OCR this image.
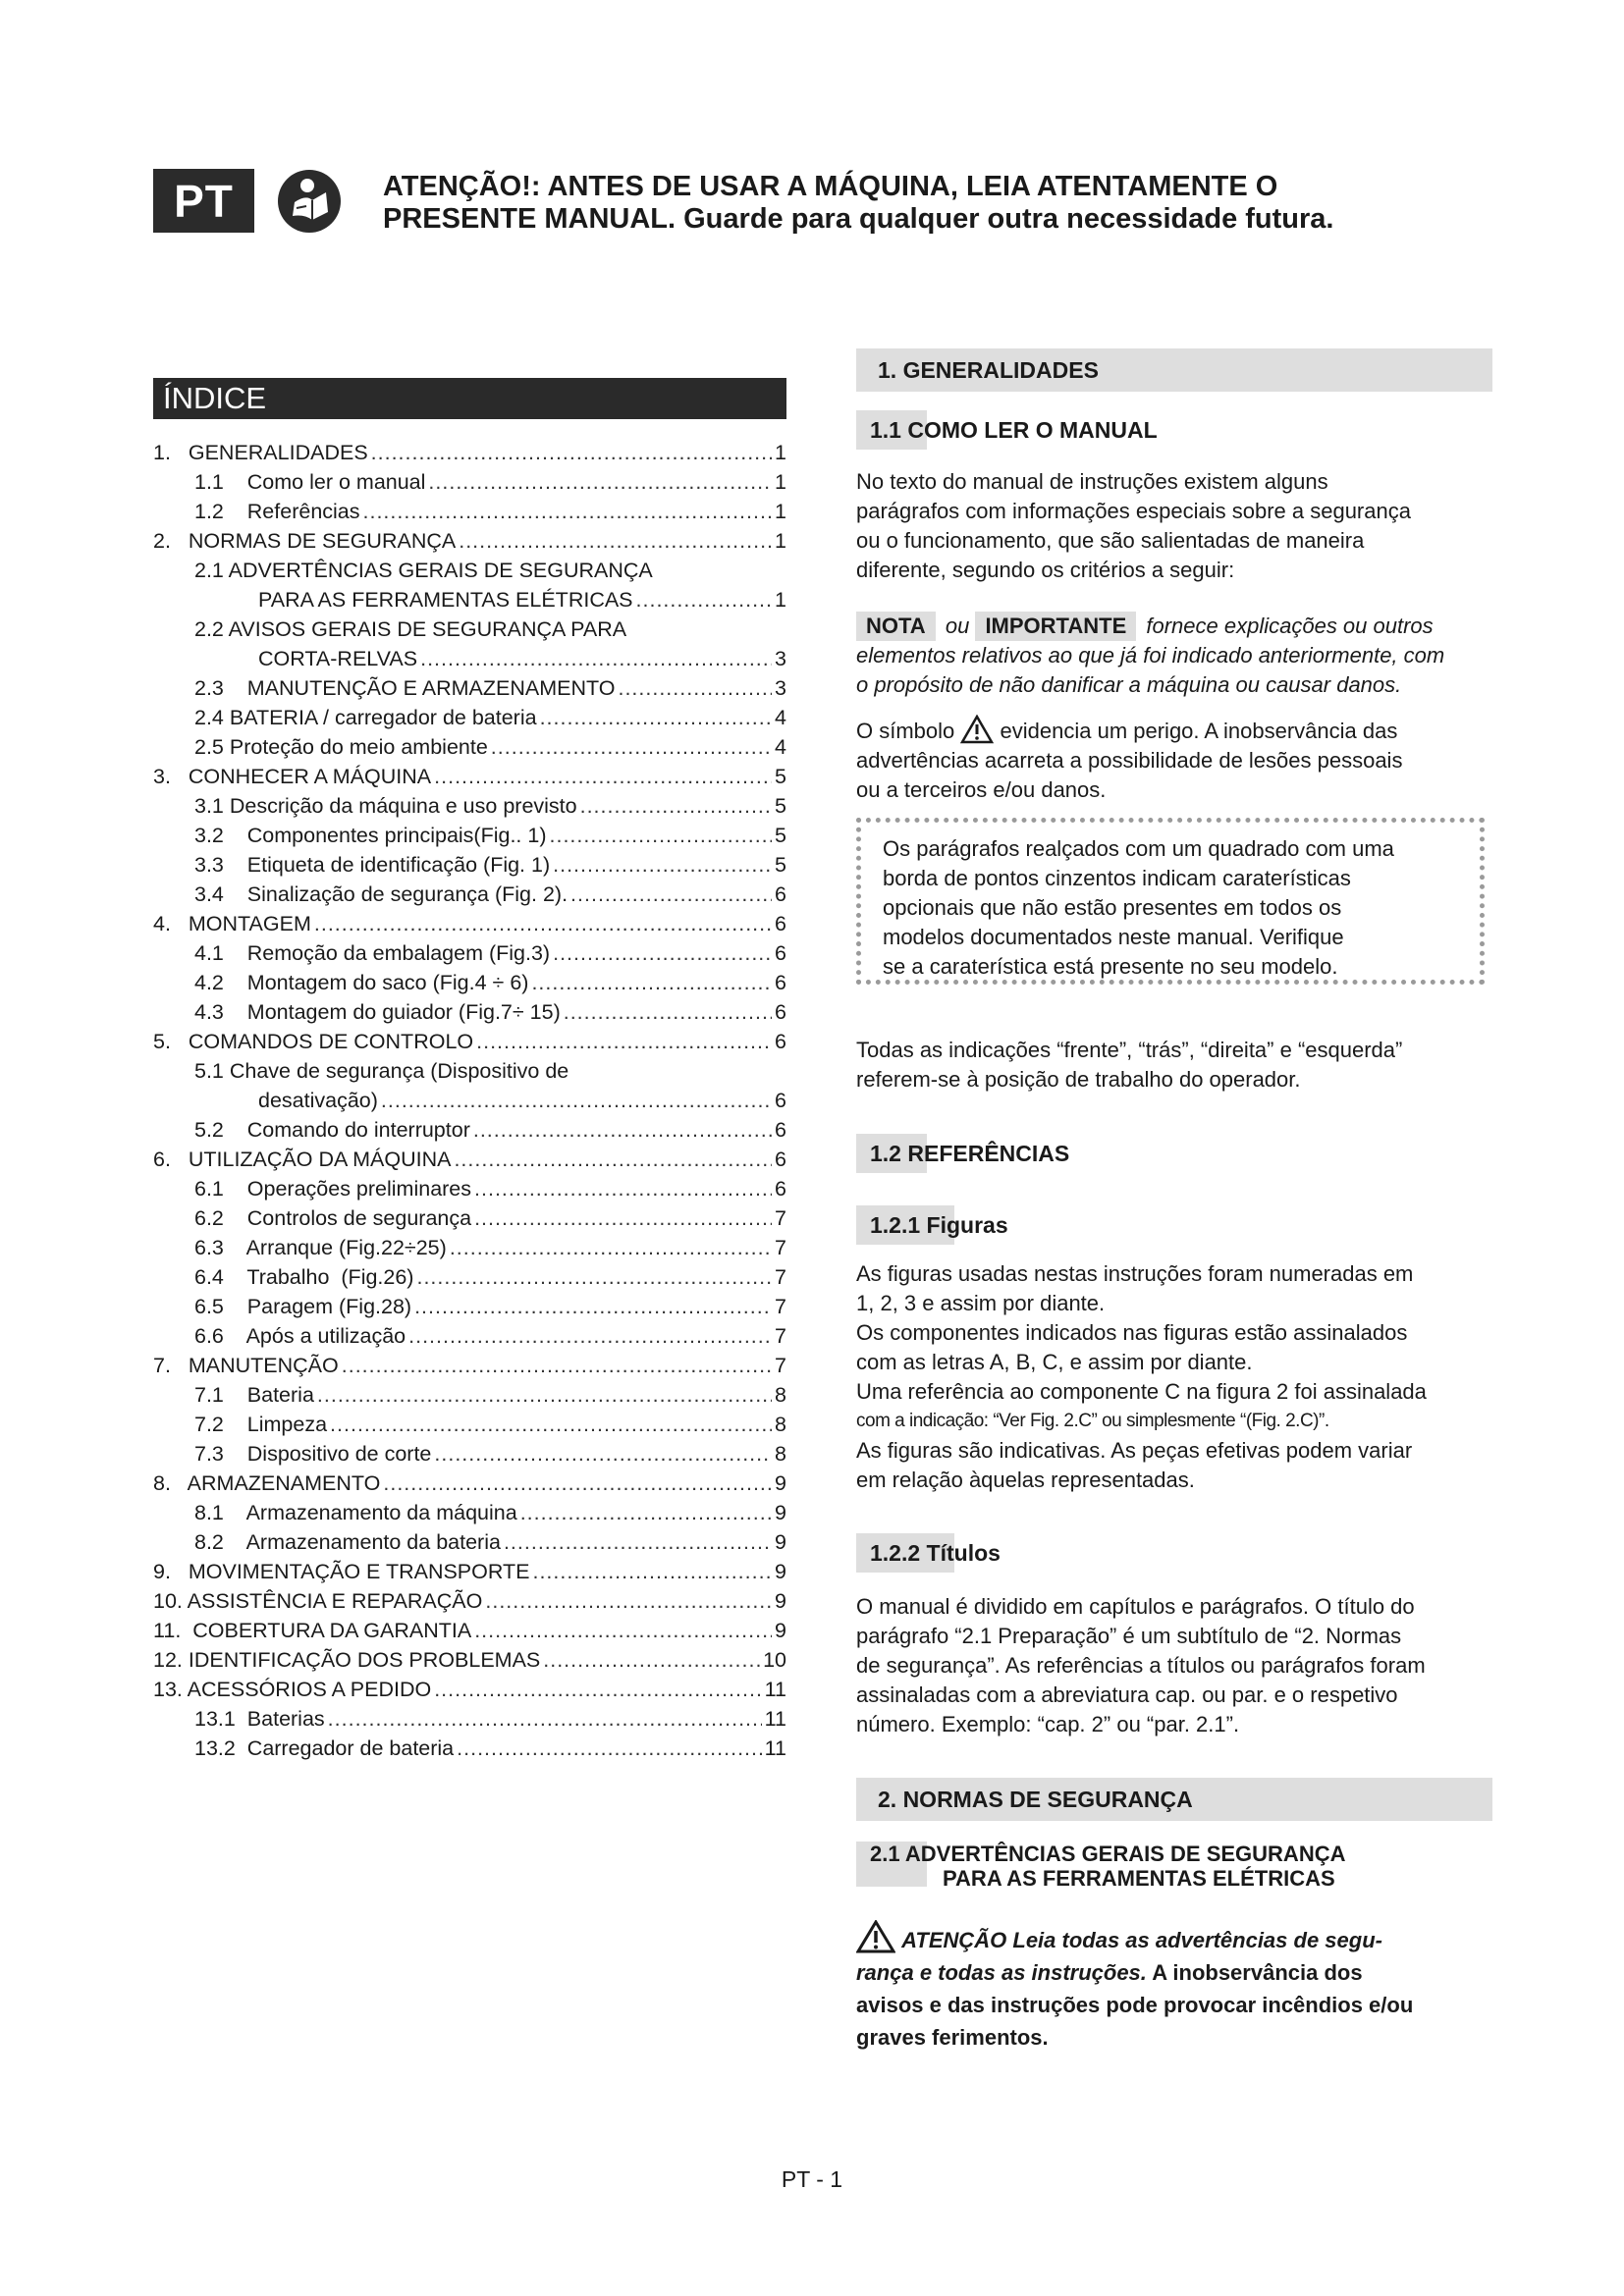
PT	ATENÇÃO!: ANTES DE USAR A MÁQUINA, LEIA ATENTAMENTE O
PRESENTE MANUAL. Guarde para qualquer outra necessidade futura.
ÍNDICE
1.   GENERALIDADES .....	1
1.1    Como ler o manual .....	1
1.2    Referências .....	1
2.   NORMAS DE SEGURANÇA .....	1
2.1 ADVERTÊNCIAS GERAIS DE SEGURANÇA
PARA AS FERRAMENTAS ELÉTRICAS .....	1
2.2 AVISOS GERAIS DE SEGURANÇA PARA
CORTA-RELVAS .....	3
2.3    MANUTENÇÃO E ARMAZENAMENTO .....	3
2.4 BATERIA / carregador de bateria .....	4
2.5 Proteção do meio ambiente .....	4
3.   CONHECER A MÁQUINA .....	5
3.1 Descrição da máquina e uso previsto .....	5
3.2    Componentes principais(Fig.. 1) .....	5
3.3    Etiqueta de identificação (Fig. 1) .....	5
3.4    Sinalização de segurança (Fig. 2). .....	6
4.   MONTAGEM .....	6
4.1    Remoção da embalagem (Fig.3) .....	6
4.2    Montagem do saco (Fig.4 ÷ 6) .....	6
4.3    Montagem do guiador (Fig.7÷ 15) .....	6
5.   COMANDOS DE CONTROLO .....	6
5.1 Chave de segurança (Dispositivo de
desativação) .....	6
5.2    Comando do interruptor .....	6
6.   UTILIZAÇÃO DA MÁQUINA .....	6
6.1    Operações preliminares .....	6
6.2    Controlos de segurança .....	7
6.3    Arranque (Fig.22÷25) .....	7
6.4    Trabalho  (Fig.26) .....	7
6.5    Paragem (Fig.28) .....	7
6.6    Após a utilização .....	7
7.   MANUTENÇÃO .....	7
7.1    Bateria .....	8
7.2    Limpeza .....	8
7.3    Dispositivo de corte .....	8
8.   ARMAZENAMENTO .....	9
8.1    Armazenamento da máquina .....	9
8.2    Armazenamento da bateria .....	9
9.   MOVIMENTAÇÃO E TRANSPORTE .....	9
10. ASSISTÊNCIA E REPARAÇÃO .....	9
11.  COBERTURA DA GARANTIA .....	9
12. IDENTIFICAÇÃO DOS PROBLEMAS .....	10
13. ACESSÓRIOS A PEDIDO .....	11
13.1  Baterias .....	11
13.2  Carregador de bateria .....	11
1. GENERALIDADES
1.1 COMO LER O MANUAL
No texto do manual de instruções existem alguns
parágrafos com informações especiais sobre a segurança
ou o funcionamento, que são salientadas de maneira
diferente, segundo os critérios a seguir:
NOTA ou IMPORTANTE fornece explicações ou outros
elementos relativos ao que já foi indicado anteriormente, com
o propósito de não danificar a máquina ou causar danos.
O símbolo evidencia um perigo. A inobservância das
advertências acarreta a possibilidade de lesões pessoais
ou a terceiros e/ou danos.
Os parágrafos realçados com um quadrado com uma
borda de pontos cinzentos indicam caraterísticas
opcionais que não estão presentes em todos os
modelos documentados neste manual. Verifique
se a caraterística está presente no seu modelo.
Todas as indicações “frente”, “trás”, “direita” e “esquerda”
referem-se à posição de trabalho do operador.
1.2 REFERÊNCIAS
1.2.1 Figuras
As figuras usadas nestas instruções foram numeradas em
1, 2, 3 e assim por diante.
Os componentes indicados nas figuras estão assinalados
com as letras A, B, C, e assim por diante.
Uma referência ao componente C na figura 2 foi assinalada
com a indicação: “Ver Fig. 2.C” ou simplesmente “(Fig. 2.C)”.
As figuras são indicativas. As peças efetivas podem variar
em relação àquelas representadas.
1.2.2 Títulos
O manual é dividido em capítulos e parágrafos. O título do
parágrafo “2.1 Preparação” é um subtítulo de “2. Normas
de segurança”. As referências a títulos ou parágrafos foram
assinaladas com a abreviatura cap. ou par. e o respetivo
número. Exemplo: “cap. 2” ou “par. 2.1”.
2. NORMAS DE SEGURANÇA
2.1 ADVERTÊNCIAS GERAIS DE SEGURANÇA
PARA AS FERRAMENTAS ELÉTRICAS
ATENÇÃO Leia todas as advertências de segu-
rança e todas as instruções. A inobservância dos
avisos e das instruções pode provocar incêndios e/ou
graves ferimentos.
PT - 1
